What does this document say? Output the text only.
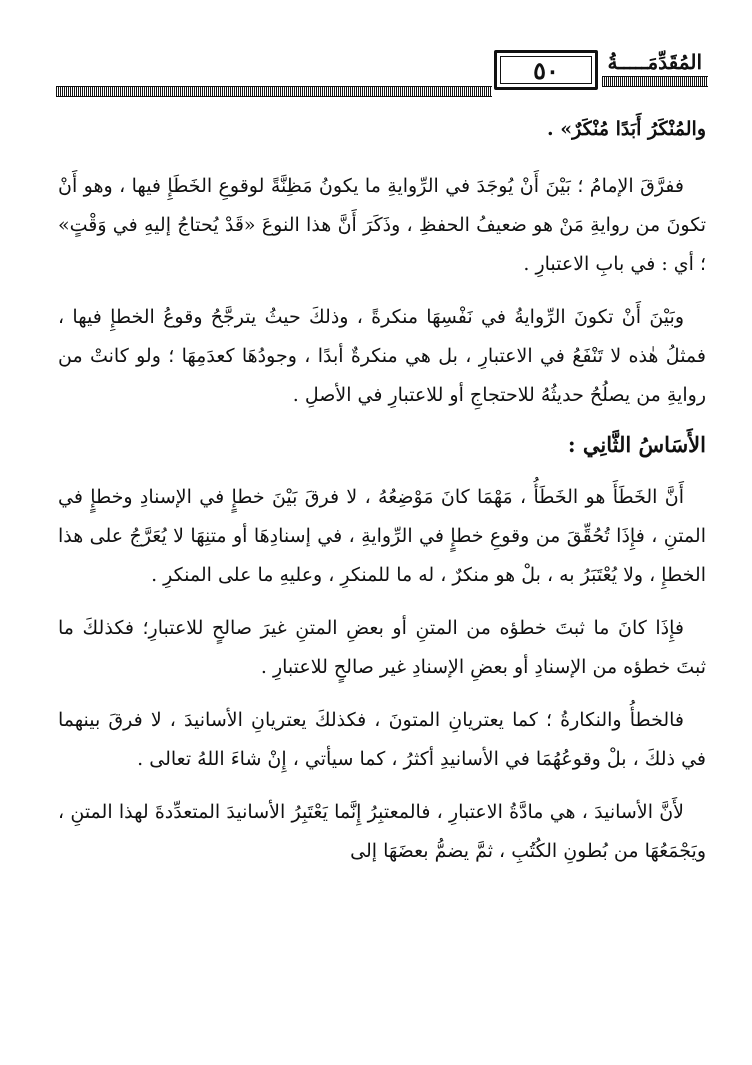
المُقَدِّمَـــــةُ
٥٠

والمُنْكَرُ أَبَدًا مُنْكَرٌ» .

ففرَّقَ الإمامُ ؛ بَيْنَ أَنْ يُوجَدَ في الرِّوايةِ ما يكونُ مَظِنَّةً لوقوعِ الخَطَإِ فيها ، وهو أَنْ تكونَ من روايةِ مَنْ هو ضعيفُ الحفظِ ، وذَكَرَ أَنَّ هذا النوعَ «قَدْ يُحتاجُ إليهِ في وَقْتٍ» ؛ أي : في بابِ الاعتبارِ .

وبَيْنَ أَنْ تكونَ الرِّوايةُ في نَفْسِهَا منكرةً ، وذلكَ حيثُ يترجَّحُ وقوعُ الخطإِ فيها ، فمثلُ هٰذه لا تَنْفَعُ في الاعتبارِ ، بل هي منكرةٌ أبدًا ، وجودُهَا كعدَمِهَا ؛ ولو كانتْ من روايةِ من يصلُحُ حديثُهُ للاحتجاجِ أو للاعتبارِ في الأصلِ .

الأَسَاسُ الثَّانِي :

أَنَّ الخَطَأَ هو الخَطَأُ ، مَهْمَا كانَ مَوْضِعُهُ ، لا فرقَ بَيْنَ خطإٍ في الإسنادِ وخطإٍ في المتنِ ، فإِذَا تُحُقِّقَ من وقوعِ خطإٍ في الرِّوايةِ ، في إسنادِهَا أو متنِهَا لا يُعَرَّجُ على هذا الخطإِ ، ولا يُعْتَبَرُ به ، بلْ هو منكرٌ ، له ما للمنكرِ ، وعليهِ ما على المنكرِ .

فإِذَا كانَ ما ثبتَ خطؤه من المتنِ أو بعضِ المتنِ غيرَ صالحٍ للاعتبارِ؛ فكذلكَ ما ثبتَ خطؤه من الإسنادِ أو بعضِ الإسنادِ غير صالحٍ للاعتبارِ .

فالخطأُ والنكارةُ ؛ كما يعتريانِ المتونَ ، فكذلكَ يعتريانِ الأسانيدَ ، لا فرقَ بينهما في ذلكَ ، بلْ وقوعُهُمَا في الأسانيدِ أكثرُ ، كما سيأتي ، إِنْ شاءَ اللهُ تعالى .

لأَنَّ الأسانيدَ ، هي مادَّةُ الاعتبارِ ، فالمعتبِرُ إِنَّما يَعْتَبِرُ الأسانيدَ المتعدِّدةَ لهذا المتنِ ، ويَجْمَعُهَا من بُطونِ الكُتُبِ ، ثمَّ يضمُّ بعضَهَا إلى
